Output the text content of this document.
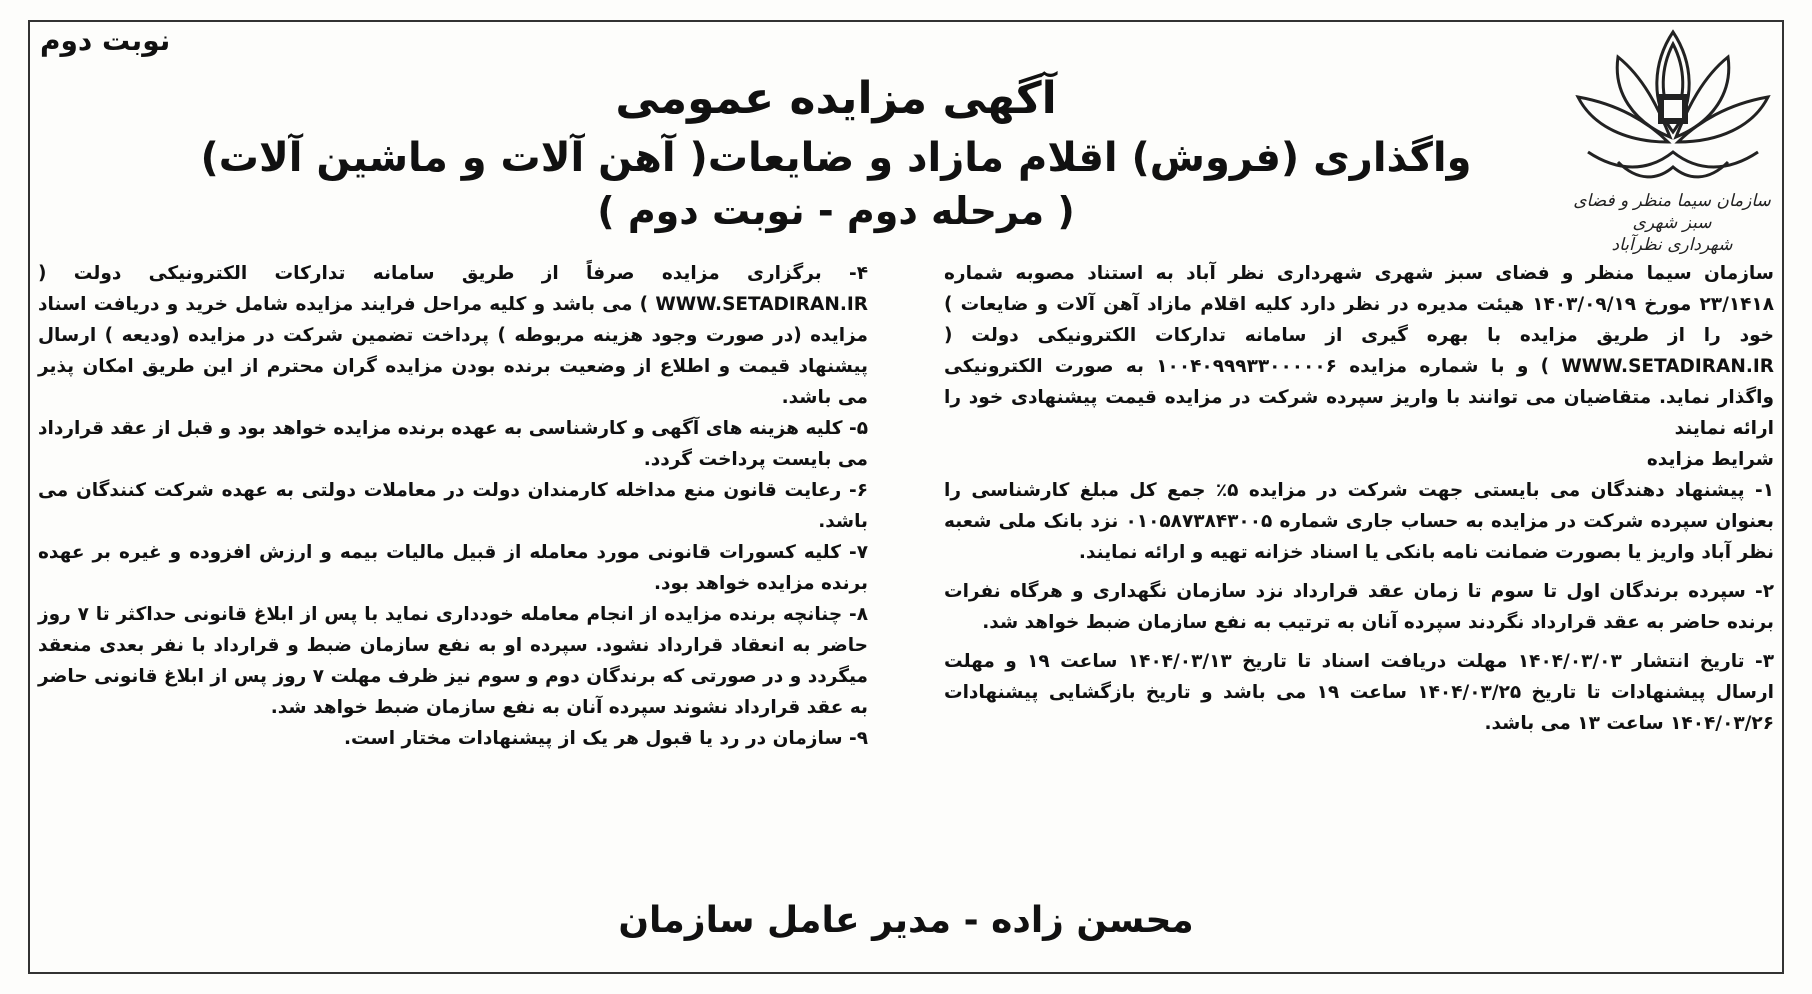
نوبت دوم
سازمان سیما منظر و فضای سبز شهری
شهرداری نظرآباد
آگهی مزایده عمومی
واگذاری (فروش) اقلام مازاد و ضایعات( آهن آلات و ماشین آلات)
( مرحله دوم - نوبت دوم )

سازمان سیما منظر و فضای سبز شهری شهرداری نظر آباد به استناد مصوبه شماره ۲۳/۱۴۱۸ مورخ ۱۴۰۳/۰۹/۱۹ هیئت مدیره در نظر دارد کلیه اقلام مازاد آهن آلات و ضایعات ) خود را از طریق مزایده با بهره گیری از سامانه تدارکات الکترونیکی دولت ( WWW.SETADIRAN.IR ) و با شماره مزایده ۱۰۰۴۰۹۹۹۳۳۰۰۰۰۰۶ به صورت الکترونیکی واگذار نماید. متقاضیان می توانند با واریز سپرده شرکت در مزایده قیمت پیشنهادی خود را ارائه نمایند

شرایط مزایده

۱- پیشنهاد دهندگان می بایستی جهت شرکت در مزایده ۵٪ جمع کل مبلغ کارشناسی را بعنوان سپرده شرکت در مزایده به حساب جاری شماره ۰۱۰۵۸۷۳۸۴۳۰۰۵ نزد بانک ملی شعبه نظر آباد واریز یا بصورت ضمانت نامه بانکی یا اسناد خزانه تهیه و ارائه نمایند.

۲- سپرده برندگان اول تا سوم تا زمان عقد قرارداد نزد سازمان نگهداری و هرگاه نفرات برنده حاضر به عقد قرارداد نگردند سپرده آنان به ترتیب به نفع سازمان ضبط خواهد شد.

۳- تاریخ انتشار ۱۴۰۴/۰۳/۰۳ مهلت دریافت اسناد تا تاریخ ۱۴۰۴/۰۳/۱۳ ساعت ۱۹ و مهلت ارسال پیشنهادات تا تاریخ ۱۴۰۴/۰۳/۲۵ ساعت ۱۹ می باشد و تاریخ بازگشایی پیشنهادات ۱۴۰۴/۰۳/۲۶ ساعت ۱۳ می باشد.

۴- برگزاری مزایده صرفاً از طریق سامانه تدارکات الکترونیکی دولت ( WWW.SETADIRAN.IR ) می باشد و کلیه مراحل فرایند مزایده شامل خرید و دریافت اسناد مزایده (در صورت وجود هزینه مربوطه ) پرداخت تضمین شرکت در مزایده (ودیعه ) ارسال پیشنهاد قیمت و اطلاع از وضعیت برنده بودن مزایده گران محترم از این طریق امکان پذیر می باشد.

۵- کلیه هزینه های آگهی و کارشناسی به عهده برنده مزایده خواهد بود و قبل از عقد قرارداد می بایست پرداخت گردد.

۶- رعایت قانون منع مداخله کارمندان دولت در معاملات دولتی به عهده شرکت کنندگان می باشد.

۷- کلیه کسورات قانونی مورد معامله از قبیل مالیات بیمه و ارزش افزوده و غیره بر عهده برنده مزایده خواهد بود.

۸- چنانچه برنده مزایده از انجام معامله خودداری نماید با پس از ابلاغ قانونی حداکثر تا ۷ روز حاضر به انعقاد قرارداد نشود. سپرده او به نفع سازمان ضبط و قرارداد با نفر بعدی منعقد میگردد و در صورتی که برندگان دوم و سوم نیز ظرف مهلت ۷ روز پس از ابلاغ قانونی حاضر به عقد قرارداد نشوند سپرده آنان به نفع سازمان ضبط خواهد شد.

۹- سازمان در رد یا قبول هر یک از پیشنهادات مختار است.

محسن زاده - مدیر عامل سازمان
